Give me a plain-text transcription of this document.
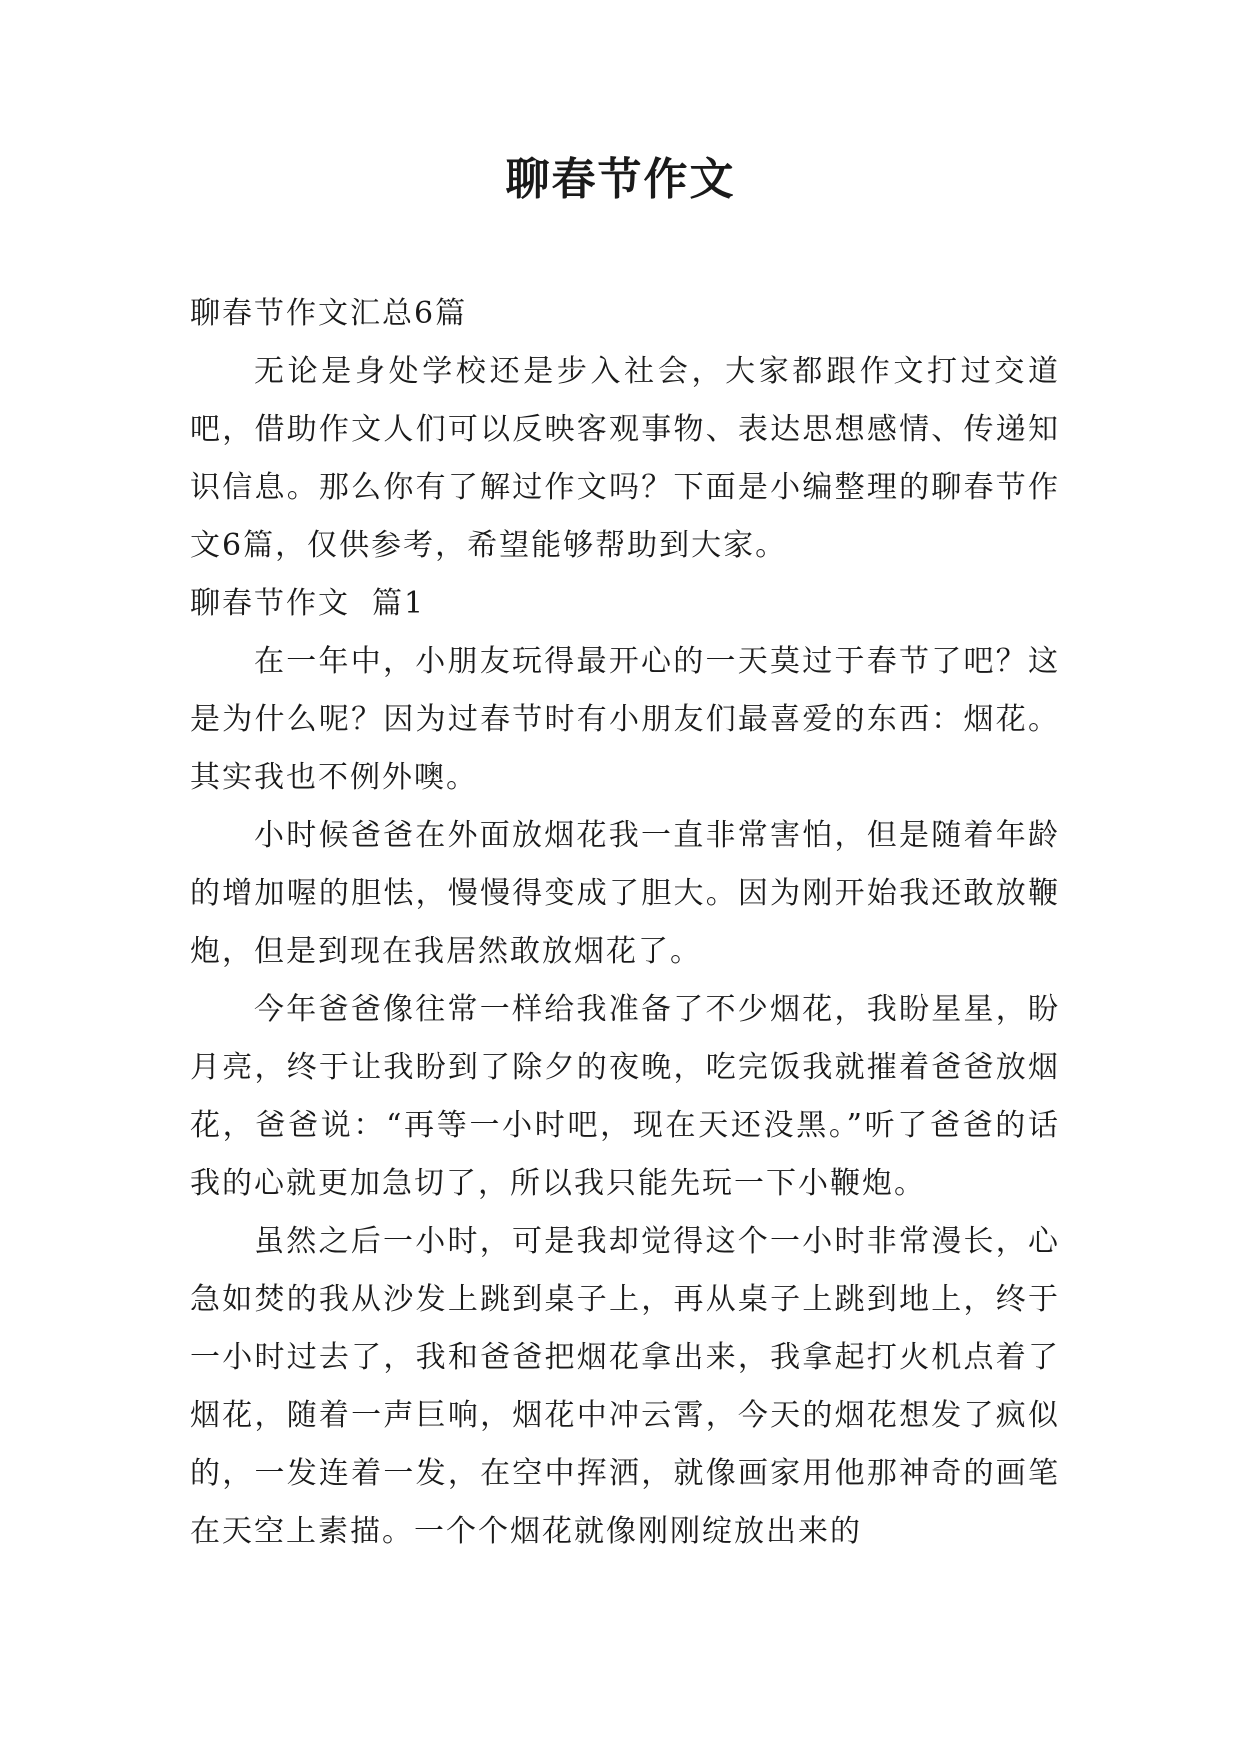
聊春节作文

聊春节作文汇总6篇

无论是身处学校还是步入社会，大家都跟作文打过交道吧，借助作文人们可以反映客观事物、表达思想感情、传递知识信息。那么你有了解过作文吗？下面是小编整理的聊春节作文6篇，仅供参考，希望能够帮助到大家。

聊春节作文 篇1

在一年中，小朋友玩得最开心的一天莫过于春节了吧？这是为什么呢？因为过春节时有小朋友们最喜爱的东西：烟花。其实我也不例外噢。

小时候爸爸在外面放烟花我一直非常害怕，但是随着年龄的增加喔的胆怯，慢慢得变成了胆大。因为刚开始我还敢放鞭炮，但是到现在我居然敢放烟花了。

今年爸爸像往常一样给我准备了不少烟花，我盼星星，盼月亮，终于让我盼到了除夕的夜晚，吃完饭我就摧着爸爸放烟花，爸爸说：“再等一小时吧，现在天还没黑。”听了爸爸的话我的心就更加急切了，所以我只能先玩一下小鞭炮。

虽然之后一小时，可是我却觉得这个一小时非常漫长，心急如焚的我从沙发上跳到桌子上，再从桌子上跳到地上，终于一小时过去了，我和爸爸把烟花拿出来，我拿起打火机点着了烟花，随着一声巨响，烟花中冲云霄，今天的烟花想发了疯似的，一发连着一发，在空中挥洒，就像画家用他那神奇的画笔在天空上素描。一个个烟花就像刚刚绽放出来的
